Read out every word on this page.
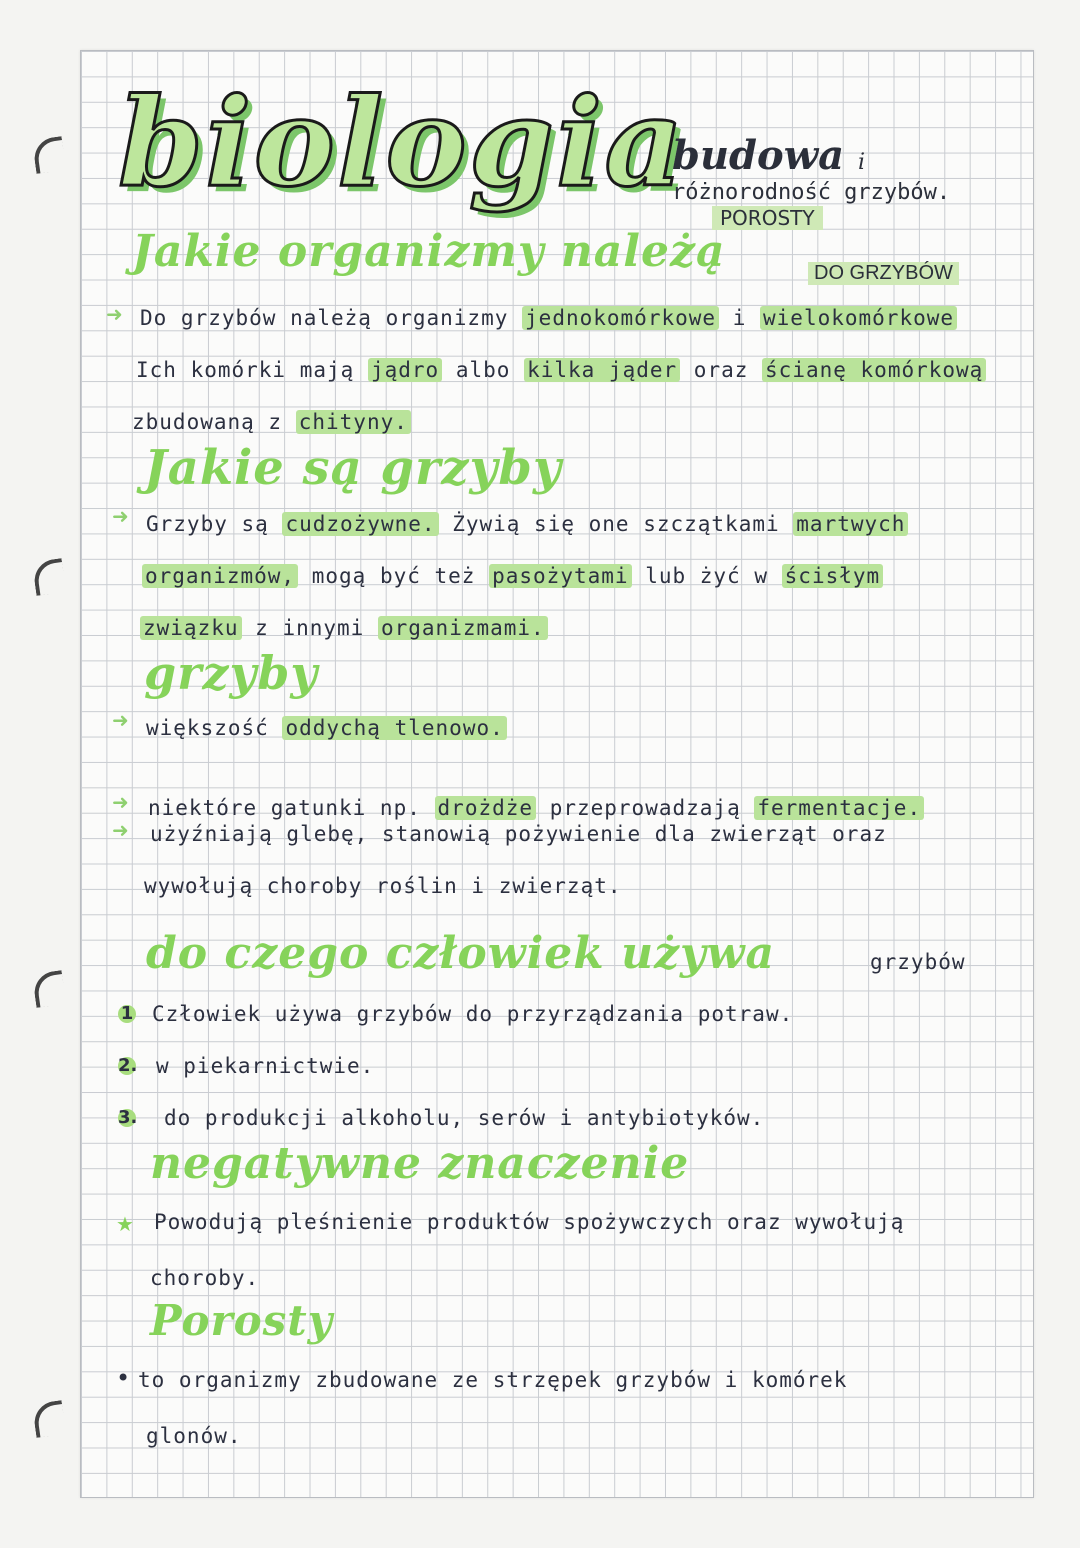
biologia
budowa i
różnorodność grzybów.
POROSTY
Jakie organizmy należą	DO GRZYBÓW
➜ Do grzybów należą organizmy jednokomórkowe i wielokomórkowe
Ich komórki mają jądro albo kilka jąder oraz ścianę komórkową
zbudowaną z chityny.
Jakie są grzyby
➜ Grzyby są cudzożywne. Żywią się one szczątkami martwych
organizmów, mogą być też pasożytami lub żyć w ścisłym
związku z innymi organizmami.
grzyby
➜ większość oddychą tlenowo.
➜ niektóre gatunki np. drożdże przeprowadzają fermentacje.
➜ użyźniają glebę, stanowią pożywienie dla zwierząt oraz
wywołują choroby roślin i zwierząt.
do czego człowiek używa	grzybów
1 Człowiek używa grzybów do przyrządzania potraw.
2. w piekarnictwie.
3. do produkcji alkoholu, serów i antybiotyków.
negatywne znaczenie
★ Powodują pleśnienie produktów spożywczych oraz wywołują
choroby.
Porosty
• to organizmy zbudowane ze strzępek grzybów i komórek
glonów.
